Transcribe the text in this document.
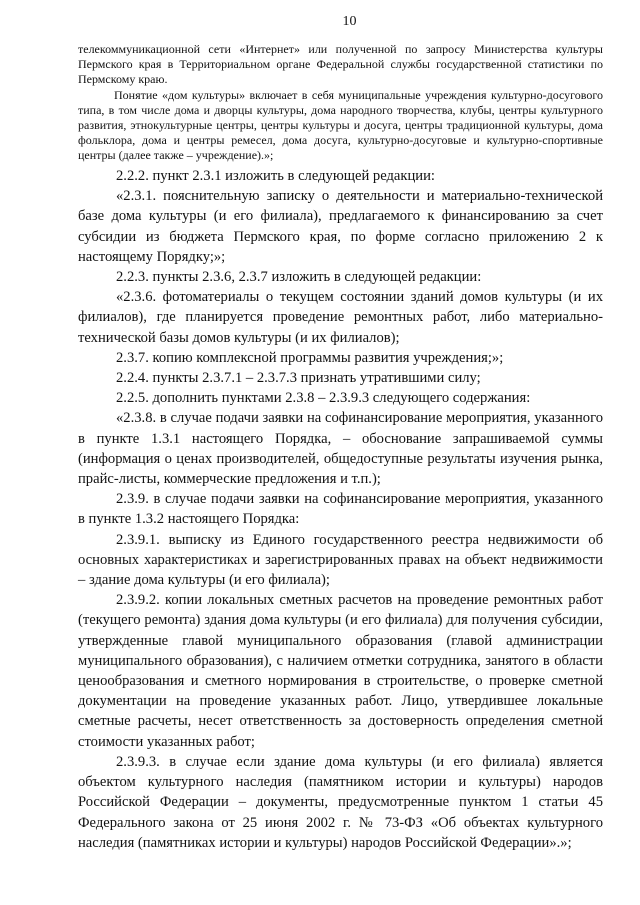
10

телекоммуникационной сети «Интернет» или полученной по запросу Министерства культуры Пермского края в Территориальном органе Федеральной службы государственной статистики по Пермскому краю.

Понятие «дом культуры» включает в себя муниципальные учреждения культурно-досугового типа, в том числе дома и дворцы культуры, дома народного творчества, клубы, центры культурного развития, этнокультурные центры, центры культуры и досуга, центры традиционной культуры, дома фольклора, дома и центры ремесел, дома досуга, культурно-досуговые и культурно-спортивные центры (далее также – учреждение).»;

2.2.2. пункт 2.3.1 изложить в следующей редакции:

«2.3.1. пояснительную записку о деятельности и материально-технической базе дома культуры (и его филиала), предлагаемого к финансированию за счет субсидии из бюджета Пермского края, по форме согласно приложению 2 к настоящему Порядку;»;

2.2.3. пункты 2.3.6, 2.3.7 изложить в следующей редакции:

«2.3.6. фотоматериалы о текущем состоянии зданий домов культуры (и их филиалов), где планируется проведение ремонтных работ, либо материально-технической базы домов культуры (и их филиалов);

2.3.7. копию комплексной программы развития учреждения;»;

2.2.4. пункты 2.3.7.1 – 2.3.7.3 признать утратившими силу;

2.2.5. дополнить пунктами 2.3.8 – 2.3.9.3 следующего содержания:

«2.3.8. в случае подачи заявки на софинансирование мероприятия, указанного в пункте 1.3.1 настоящего Порядка, – обоснование запрашиваемой суммы (информация о ценах производителей, общедоступные результаты изучения рынка, прайс-листы, коммерческие предложения и т.п.);

2.3.9. в случае подачи заявки на софинансирование мероприятия, указанного в пункте 1.3.2 настоящего Порядка:

2.3.9.1. выписку из Единого государственного реестра недвижимости об основных характеристиках и зарегистрированных правах на объект недвижимости – здание дома культуры (и его филиала);

2.3.9.2. копии локальных сметных расчетов на проведение ремонтных работ (текущего ремонта) здания дома культуры (и его филиала) для получения субсидии, утвержденные главой муниципального образования (главой администрации муниципального образования), с наличием отметки сотрудника, занятого в области ценообразования и сметного нормирования в строительстве, о проверке сметной документации на проведение указанных работ. Лицо, утвердившее локальные сметные расчеты, несет ответственность за достоверность определения сметной стоимости указанных работ;

2.3.9.3. в случае если здание дома культуры (и его филиала) является объектом культурного наследия (памятником истории и культуры) народов Российской Федерации – документы, предусмотренные пунктом 1 статьи 45 Федерального закона от 25 июня 2002 г. № 73-ФЗ «Об объектах культурного наследия (памятниках истории и культуры) народов Российской Федерации».»;
